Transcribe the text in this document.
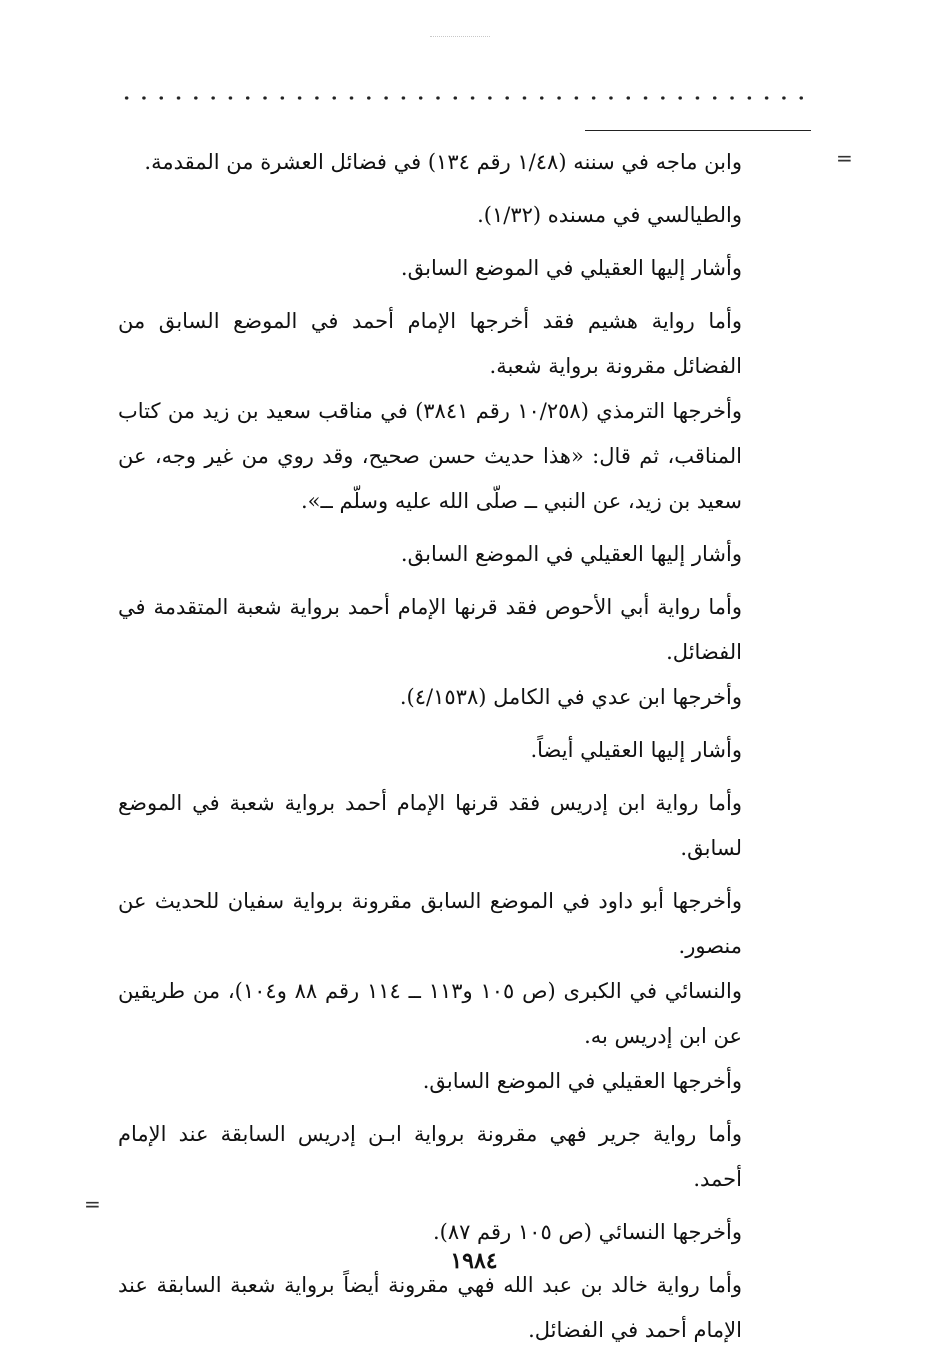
=

وابن ماجه في سننه (١/٤٨ رقم ١٣٤) في فضائل العشرة من المقدمة.

والطيالسي في مسنده (١/٣٢).

وأشار إليها العقيلي في الموضع السابق.

وأما رواية هشيم فقد أخرجها الإمام أحمد في الموضع السابق من الفضائل مقرونة برواية شعبة.

وأخرجها الترمذي (١٠/٢٥٨ رقم ٣٨٤١) في مناقب سعيد بن زيد من كتاب المناقب، ثم قال: «هذا حديث حسن صحيح، وقد روي من غير وجه، عن سعيد بن زيد، عن النبي ــ صلّى الله عليه وسلّم ــ».

وأشار إليها العقيلي في الموضع السابق.

وأما رواية أبي الأحوص فقد قرنها الإمام أحمد برواية شعبة المتقدمة في الفضائل.

وأخرجها ابن عدي في الكامل (٤/١٥٣٨).

وأشار إليها العقيلي أيضاً.

وأما رواية ابن إدريس فقد قرنها الإمام أحمد برواية شعبة في الموضع لسابق.

وأخرجها أبو داود في الموضع السابق مقرونة برواية سفيان للحديث عن منصور.

والنسائي في الكبرى (ص ١٠٥ و١١٣ ــ ١١٤ رقم ٨٨ و١٠٤)، من طريقين عن ابن إدريس به.

وأخرجها العقيلي في الموضع السابق.

وأما رواية جرير فهي مقرونة برواية ابـن إدريس السابقة عند الإمام أحمد.

وأخرجها النسائي (ص ١٠٥ رقم ٨٧).

وأما رواية خالد بن عبد الله فهي مقرونة أيضاً برواية شعبة السابقة عند الإمام أحمد في الفضائل.

=
١٩٨٤
